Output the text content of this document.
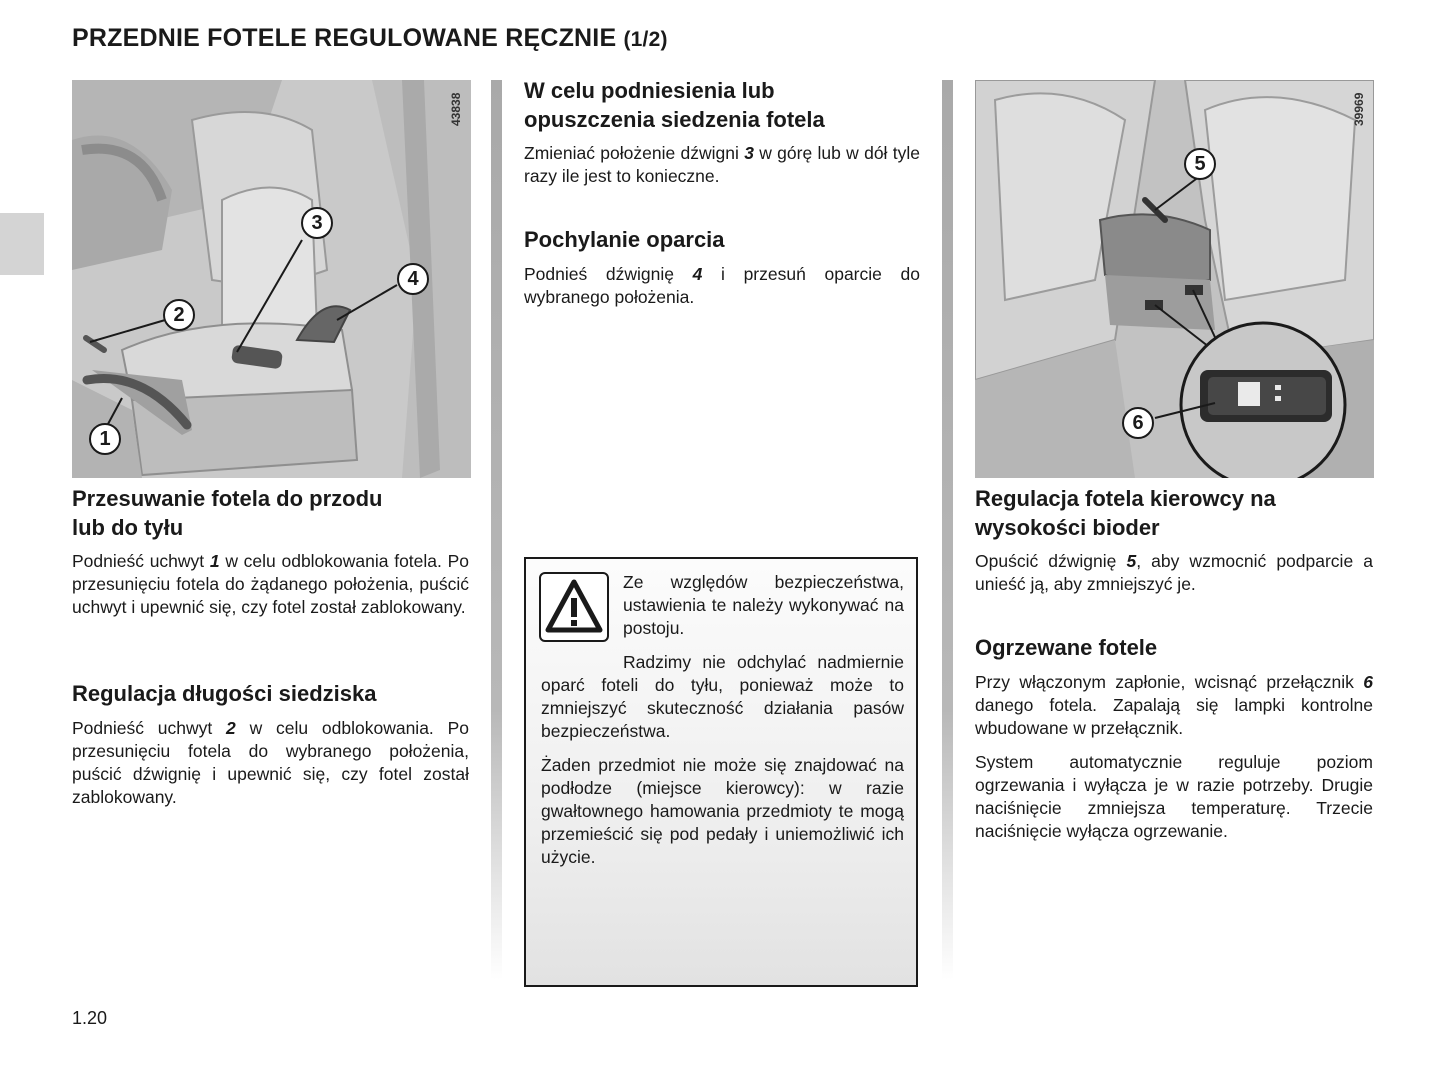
PRZEDNIE FOTELE REGULOWANE RĘCZNIE (1/2)
1
2
3
4
43838
5
6
39969
Przesuwanie fotela do przodu
lub do tyłu

Podnieść uchwyt 1 w celu odblokowania fotela. Po przesunięciu fotela do żądanego położenia, puścić uchwyt i upewnić się, czy fotel został zablokowany.

Regulacja długości siedziska

Podnieść uchwyt 2 w celu odblokowania. Po przesunięciu fotela do wybranego położenia, puścić dźwignię i upewnić się, czy fotel został zablokowany.

W celu podniesienia lub
opuszczenia siedzenia fotela

Zmieniać położenie dźwigni 3 w górę lub w dół tyle razy ile jest to konieczne.

Pochylanie oparcia

Podnieś dźwignię 4 i przesuń oparcie do wybranego położenia.

Ze względów bezpieczeństwa, ustawienia te należy wykonywać na postoju.

Radzimy nie odchylać nadmiernie oparć foteli do tyłu, ponieważ może to zmniejszyć skuteczność działania pasów bezpieczeństwa.

Żaden przedmiot nie może się znajdować na podłodze (miejsce kierowcy): w razie gwałtownego hamowania przedmioty te mogą przemieścić się pod pedały i uniemożliwić ich użycie.

Regulacja fotela kierowcy na
wysokości bioder

Opuścić dźwignię 5, aby wzmocnić podparcie a unieść ją, aby zmniejszyć je.

Ogrzewane fotele

Przy włączonym zapłonie, wcisnąć przełącznik 6 danego fotela. Zapalają się lampki kontrolne wbudowane w przełącznik.

System automatycznie reguluje poziom ogrzewania i wyłącza je w razie potrzeby. Drugie naciśnięcie zmniejsza temperaturę. Trzecie naciśnięcie wyłącza ogrzewanie.

1.20
